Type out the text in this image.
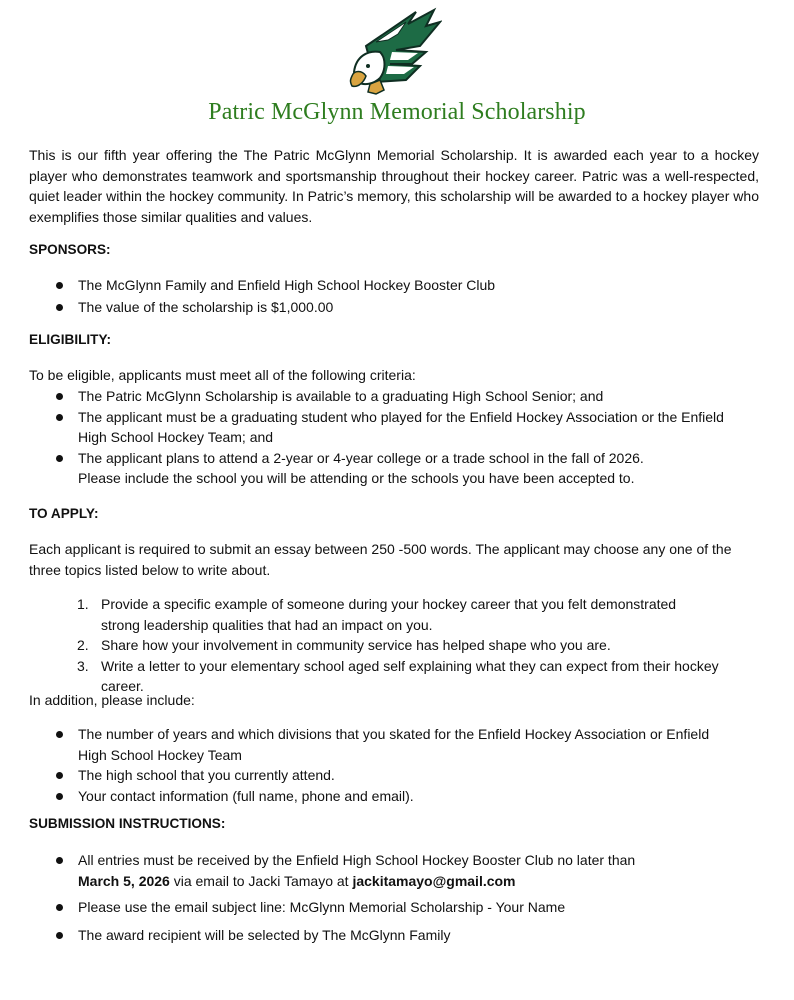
Patric McGlynn Memorial Scholarship
This is our fifth year offering the The Patric McGlynn Memorial Scholarship. It is awarded each year to a hockey player who demonstrates teamwork and sportsmanship throughout their hockey career. Patric was a well-respected, quiet leader within the hockey community. In Patric’s memory, this scholarship will be awarded to a hockey player who exemplifies those similar qualities and values.
SPONSORS:
The McGlynn Family and Enfield High School Hockey Booster Club
The value of the scholarship is $1,000.00
ELIGIBILITY:
To be eligible, applicants must meet all of the following criteria:
The Patric McGlynn Scholarship is available to a graduating High School Senior; and
The applicant must be a graduating student who played for the Enfield Hockey Association or the Enfield High School Hockey Team; and
The applicant plans to attend a 2-year or 4-year college or a trade school in the fall of 2026.
Please include the school you will be attending or the schools you have been accepted to.
TO APPLY:
Each applicant is required to submit an essay between 250 -500 words. The applicant may choose any one of the three topics listed below to write about.
1. Provide a specific example of someone during your hockey career that you felt demonstrated strong leadership qualities that had an impact on you.
2. Share how your involvement in community service has helped shape who you are.
3. Write a letter to your elementary school aged self explaining what they can expect from their hockey career.
In addition, please include:
The number of years and which divisions that you skated for the Enfield Hockey Association or Enfield High School Hockey Team
The high school that you currently attend.
Your contact information (full name, phone and email).
SUBMISSION INSTRUCTIONS:
All entries must be received by the Enfield High School Hockey Booster Club no later than
March 5, 2026 via email to Jacki Tamayo at jackitamayo@gmail.com
Please use the email subject line: McGlynn Memorial Scholarship - Your Name
The award recipient will be selected by The McGlynn Family
